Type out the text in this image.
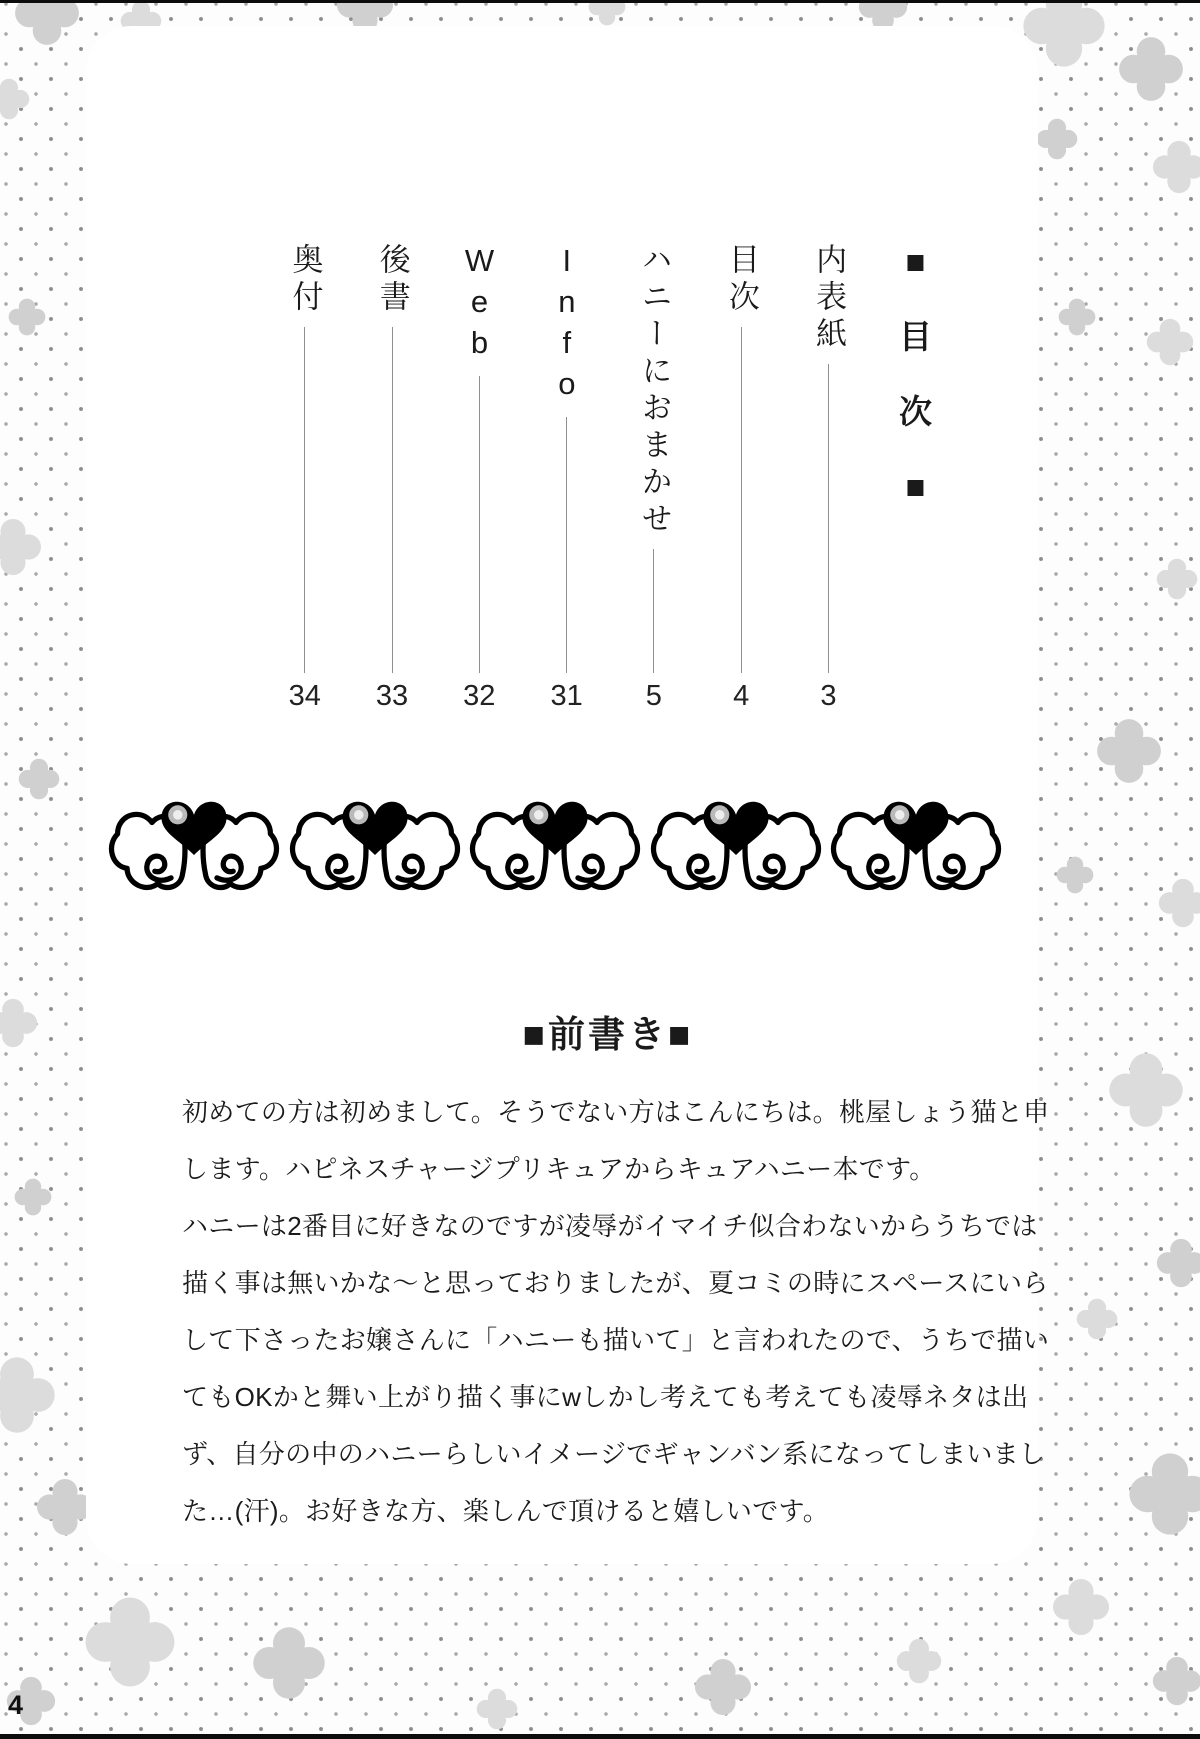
■
目
次
■
内表紙
3
目次
4
ハニーにおまかせ
5
Info
31
Web
32
後書
33
奥付
34
■前書き■
初めての方は初めまして。そうでない方はこんにちは。桃屋しょう猫と申
します。ハピネスチャージプリキュアからキュアハニー本です。
ハニーは2番目に好きなのですが凌辱がイマイチ似合わないからうちでは
描く事は無いかな〜と思っておりましたが、夏コミの時にスペースにいら
して下さったお嬢さんに「ハニーも描いて」と言われたので、うちで描い
てもOKかと舞い上がり描く事にwしかし考えても考えても凌辱ネタは出
ず、自分の中のハニーらしいイメージでギャンバン系になってしまいまし
た…(汗)。お好きな方、楽しんで頂けると嬉しいです。
4
